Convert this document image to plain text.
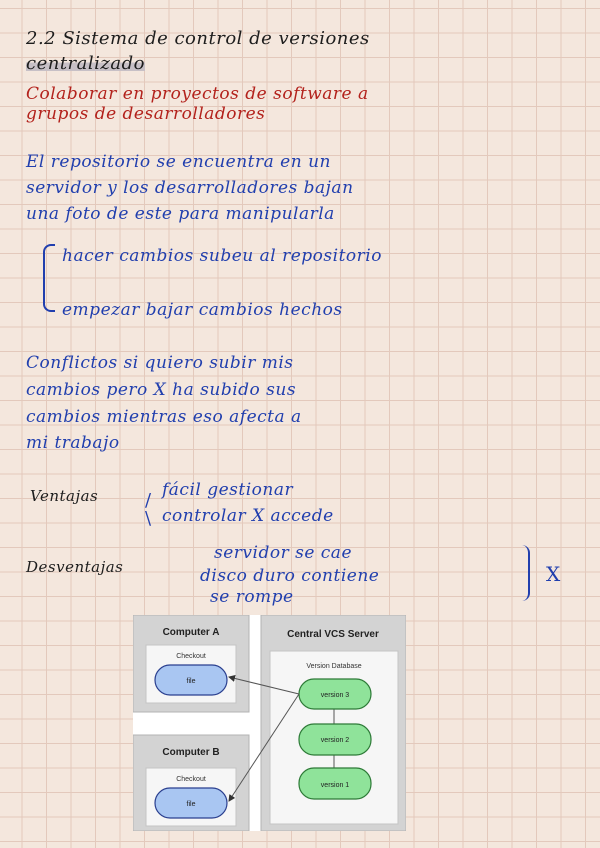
2.2 Sistema de control de versiones
centralizado
Colaborar en proyectos de software a
grupos de desarrolladores
El repositorio se encuentra en un
servidor y los desarrolladores bajan
una foto de este para manipularla
hacer cambios subeu al repositorio
empezar bajar cambios hechos
Conflictos si quiero subir mis
cambios pero X ha subido sus
cambios mientras eso afecta a
mi trabajo
Ventajas	/
\
fácil gestionar
controlar X accede
Desventajas
servidor se cae
disco duro contiene
se rompe
X
Computer A
Checkout
file
Computer B
Checkout
file
Central VCS Server
Version Database
version 3
version 2
version 1
